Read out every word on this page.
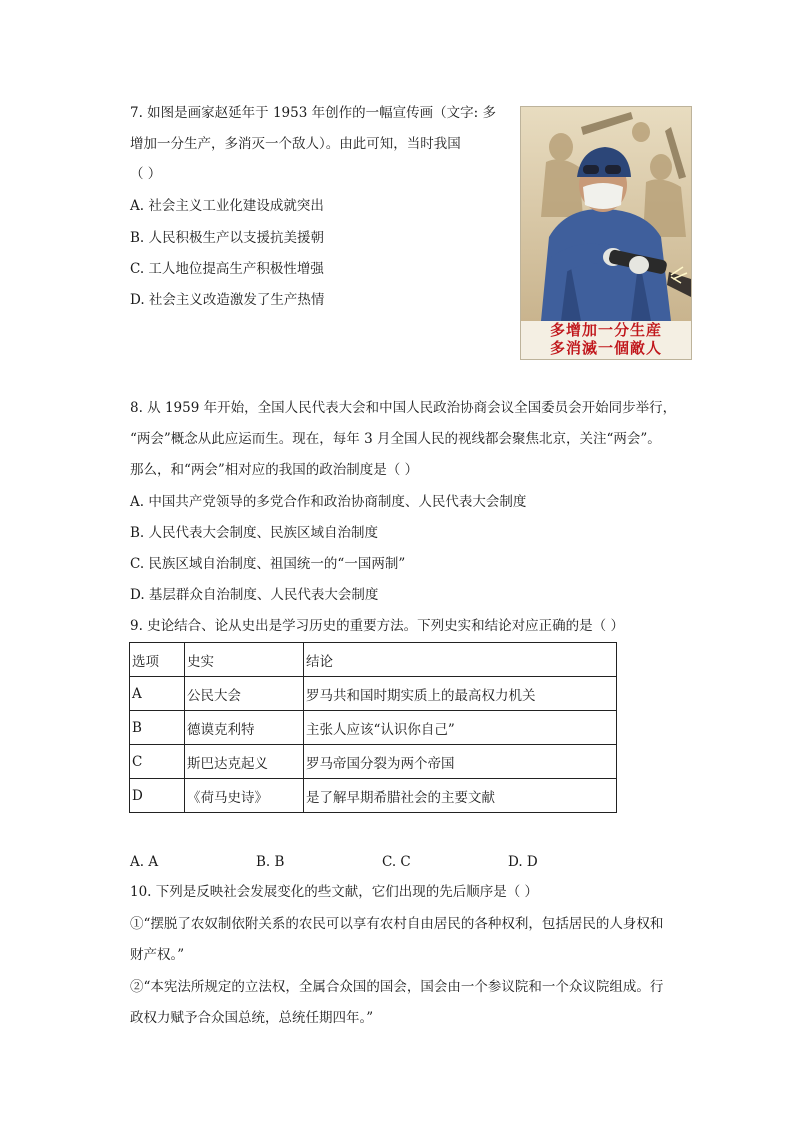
7. 如图是画家赵延年于 1953 年创作的一幅宣传画（文字: 多
增加一分生产，多消灭一个敌人）。由此可知，当时我国
（ ）
A. 社会主义工业化建设成就突出
B. 人民积极生产以支援抗美援朝
C. 工人地位提高生产积极性增强
D. 社会主义改造激发了生产热情
多增加一分生産
多消滅一個敵人
8. 从 1959 年开始，全国人民代表大会和中国人民政治协商会议全国委员会开始同步举行，
“两会”概念从此应运而生。现在，每年 3 月全国人民的视线都会聚焦北京，关注“两会”。
那么，和“两会”相对应的我国的政治制度是（ ）
A. 中国共产党领导的多党合作和政治协商制度、人民代表大会制度
B. 人民代表大会制度、民族区域自治制度
C. 民族区域自治制度、祖国统一的“一国两制”
D. 基层群众自治制度、人民代表大会制度
9. 史论结合、论从史出是学习历史的重要方法。下列史实和结论对应正确的是（ ）
选项	史实	结论
A	公民大会	罗马共和国时期实质上的最高权力机关
B	德谟克利特	主张人应该“认识你自己”
C	斯巴达克起义	罗马帝国分裂为两个帝国
D	《荷马史诗》	是了解早期希腊社会的主要文献
A. A	B. B	C. C	D. D
10. 下列是反映社会发展变化的些文献，它们出现的先后顺序是（ ）
①“摆脱了农奴制依附关系的农民可以享有农村自由居民的各种权利，包括居民的人身权和
财产权。”
②“本宪法所规定的立法权，全属合众国的国会，国会由一个参议院和一个众议院组成。行
政权力赋予合众国总统，总统任期四年。”
